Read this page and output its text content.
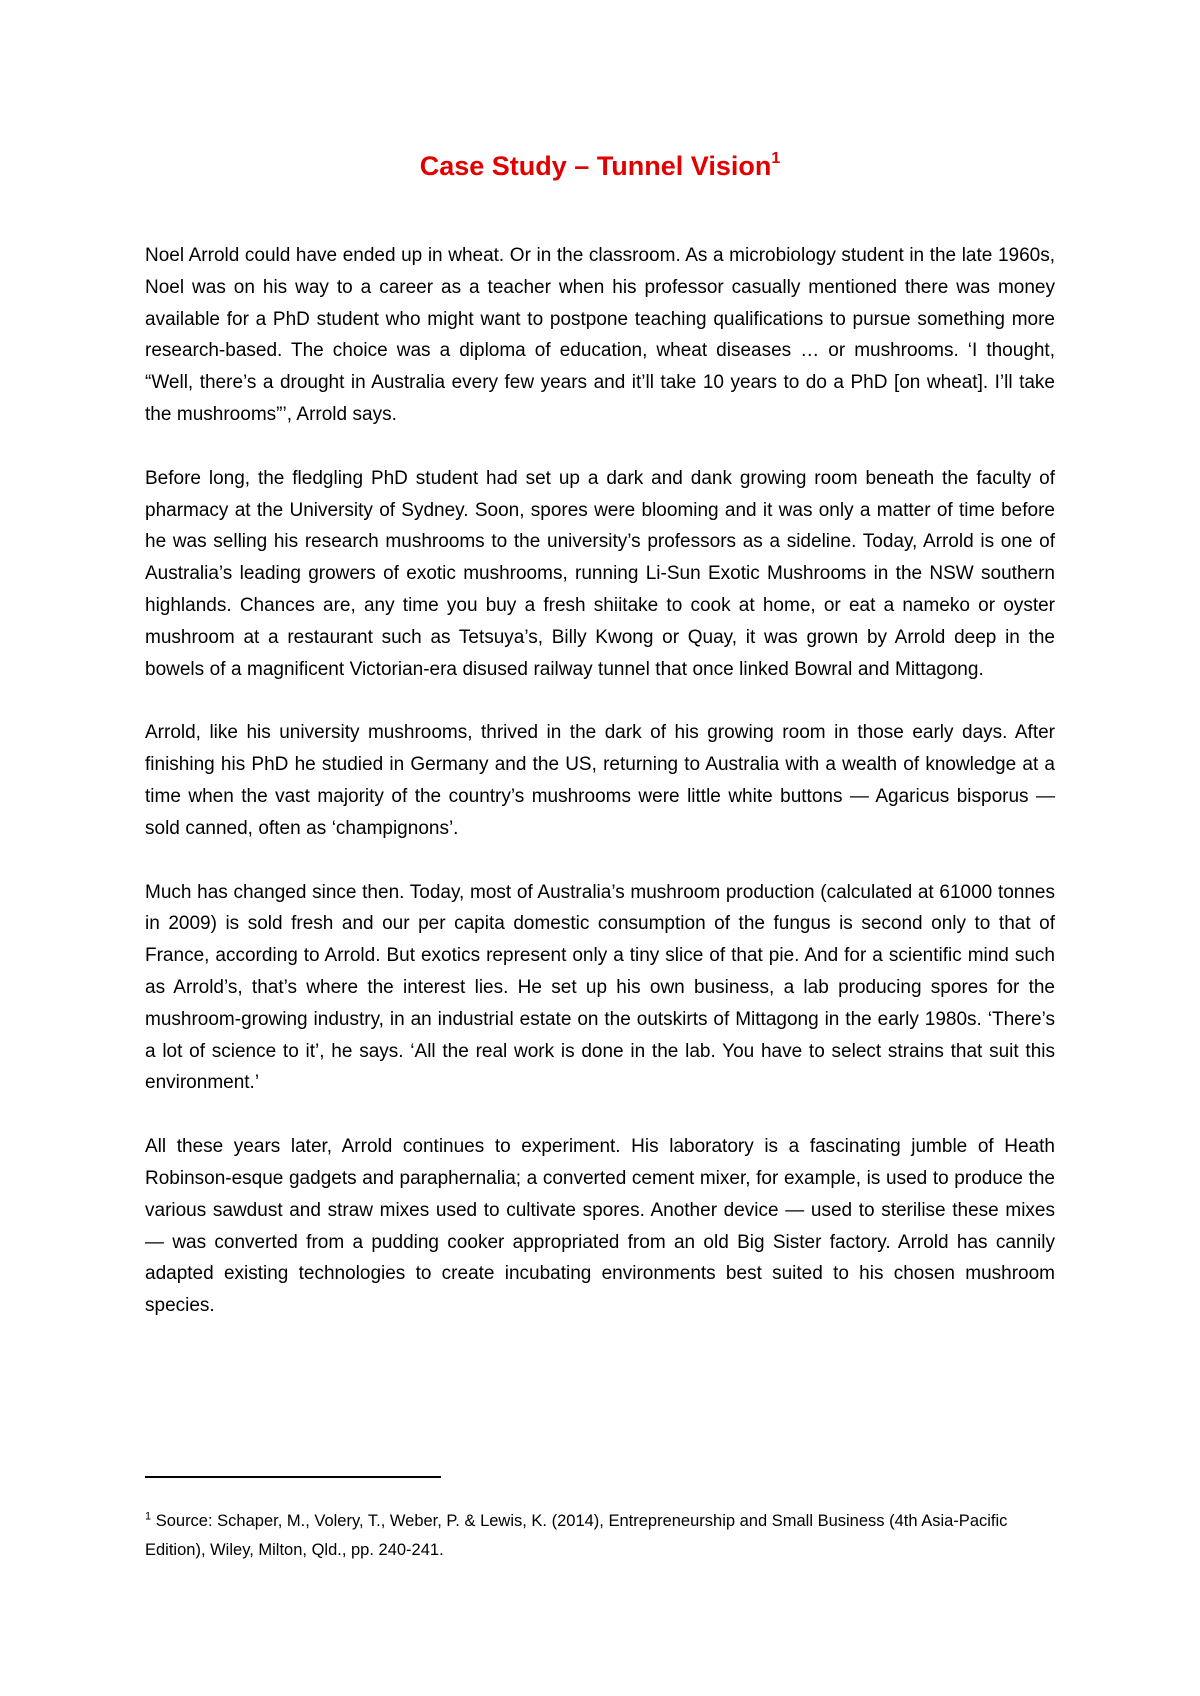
Case Study – Tunnel Vision$^1$

Noel Arrold could have ended up in wheat. Or in the classroom. As a microbiology student in the late 1960s, Noel was on his way to a career as a teacher when his professor casually mentioned there was money available for a PhD student who might want to postpone teaching qualifications to pursue something more research-based. The choice was a diploma of education, wheat diseases … or mushrooms. ‘I thought, “Well, there’s a drought in Australia every few years and it’ll take 10 years to do a PhD [on wheat]. I’ll take the mushrooms”’, Arrold says.

Before long, the fledgling PhD student had set up a dark and dank growing room beneath the faculty of pharmacy at the University of Sydney. Soon, spores were blooming and it was only a matter of time before he was selling his research mushrooms to the university’s professors as a sideline. Today, Arrold is one of Australia’s leading growers of exotic mushrooms, running Li-Sun Exotic Mushrooms in the NSW southern highlands. Chances are, any time you buy a fresh shiitake to cook at home, or eat a nameko or oyster mushroom at a restaurant such as Tetsuya’s, Billy Kwong or Quay, it was grown by Arrold deep in the bowels of a magnificent Victorian-era disused railway tunnel that once linked Bowral and Mittagong.

Arrold, like his university mushrooms, thrived in the dark of his growing room in those early days. After finishing his PhD he studied in Germany and the US, returning to Australia with a wealth of knowledge at a time when the vast majority of the country’s mushrooms were little white buttons — Agaricus bisporus — sold canned, often as ‘champignons’.

Much has changed since then. Today, most of Australia’s mushroom production (calculated at 61000 tonnes in 2009) is sold fresh and our per capita domestic consumption of the fungus is second only to that of France, according to Arrold. But exotics represent only a tiny slice of that pie. And for a scientific mind such as Arrold’s, that’s where the interest lies. He set up his own business, a lab producing spores for the mushroom-growing industry, in an industrial estate on the outskirts of Mittagong in the early 1980s. ‘There’s a lot of science to it’, he says. ‘All the real work is done in the lab. You have to select strains that suit this environment.’

All these years later, Arrold continues to experiment. His laboratory is a fascinating jumble of Heath Robinson-esque gadgets and paraphernalia; a converted cement mixer, for example, is used to produce the various sawdust and straw mixes used to cultivate spores. Another device — used to sterilise these mixes — was converted from a pudding cooker appropriated from an old Big Sister factory. Arrold has cannily adapted existing technologies to create incubating environments best suited to his chosen mushroom species.

$^1$ Source: Schaper, M., Volery, T., Weber, P. & Lewis, K. (2014), Entrepreneurship and Small Business (4th Asia-Pacific Edition), Wiley, Milton, Qld., pp. 240-241.
